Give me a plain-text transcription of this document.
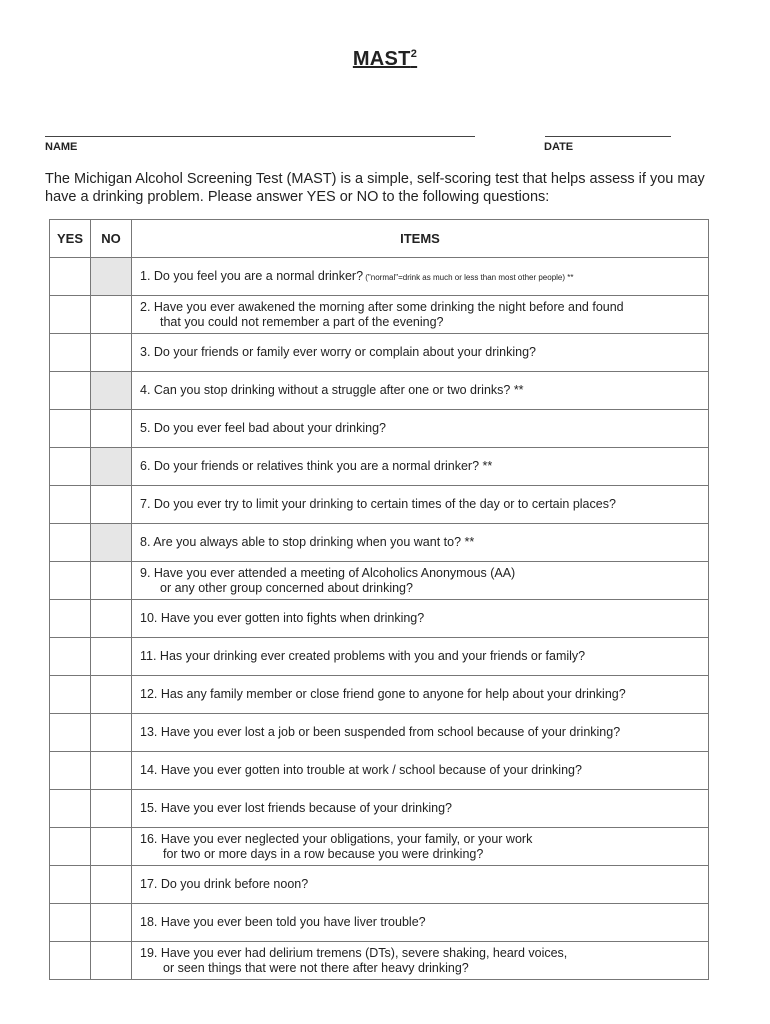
MAST$^2$
NAME	DATE
The Michigan Alcohol Screening Test (MAST) is a simple, self-scoring test that helps assess if you may have a drinking problem. Please answer YES or NO to the following questions:
YES	NO	ITEMS
		1. Do you feel you are a normal drinker? ("normal"=drink as much or less than most other people) **
		2. Have you ever awakened the morning after some drinking the night before and found
that you could not remember a part of the evening?

		3. Do your friends or family ever worry or complain about your drinking?
		4. Can you stop drinking without a struggle after one or two drinks? **
		5. Do you ever feel bad about your drinking?
		6. Do your friends or relatives think you are a normal drinker? **
		7. Do you ever try to limit your drinking to certain times of the day or to certain places?
		8. Are you always able to stop drinking when you want to? **
		9. Have you ever attended a meeting of Alcoholics Anonymous (AA)
or any other group concerned about drinking?

		10. Have you ever gotten into fights when drinking?
		11. Has your drinking ever created problems with you and your friends or family?
		12. Has any family member or close friend gone to anyone for help about your drinking?
		13. Have you ever lost a job or been suspended from school because of your drinking?
		14. Have you ever gotten into trouble at work / school because of your drinking?
		15. Have you ever lost friends because of your drinking?
		16. Have you ever neglected your obligations, your family, or your work
for two or more days in a row because you were drinking?

		17. Do you drink before noon?
		18. Have you ever been told you have liver trouble?
		19. Have you ever had delirium tremens (DTs), severe shaking, heard voices,
or seen things that were not there after heavy drinking?
